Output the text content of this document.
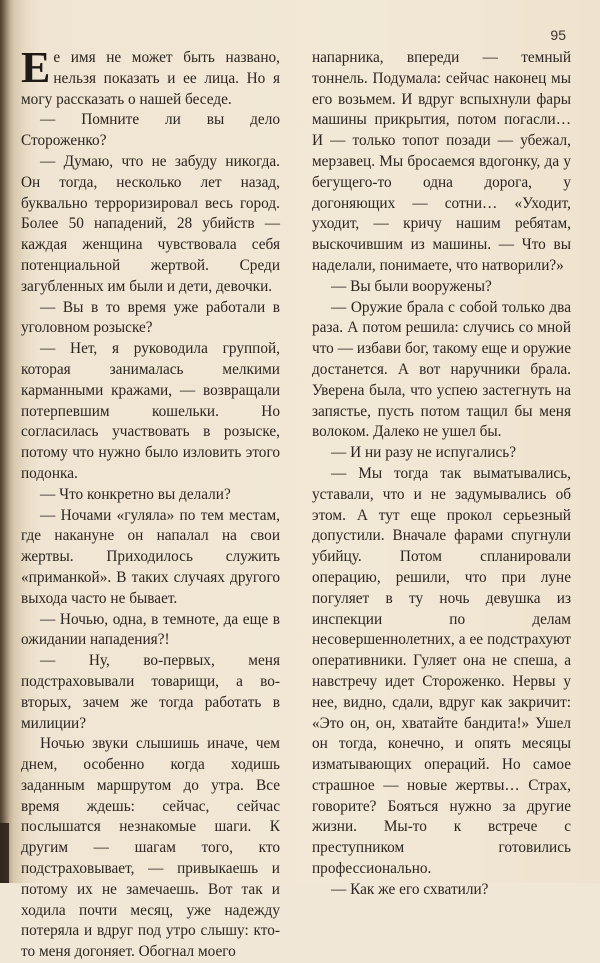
95

Ее имя не может быть названо, нельзя показать и ее лица. Но я могу рассказать о нашей беседе.

— Помните ли вы дело Стороженко?

— Думаю, что не забуду никогда. Он тогда, несколько лет назад, буквально терроризировал весь город. Более 50 нападений, 28 убийств — каждая женщина чувствовала себя потенциальной жертвой. Среди загубленных им были и дети, девочки.

— Вы в то время уже работали в уголовном розыске?

— Нет, я руководила группой, которая занималась мелкими карманными кражами, — возвращали потерпевшим кошельки. Но согласилась участвовать в розыске, потому что нужно было изловить этого подонка.

— Что конкретно вы делали?

— Ночами «гуляла» по тем местам, где накануне он напалал на свои жертвы. Приходилось служить «приманкой». В таких случаях другого выхода часто не бывает.

— Ночью, одна, в темноте, да еще в ожидании нападения?!

— Ну, во-первых, меня подстраховывали товарищи, а во-вторых, зачем же тогда работать в милиции?

Ночью звуки слышишь иначе, чем днем, особенно когда ходишь заданным маршрутом до утра. Все время ждешь: сейчас, сейчас послышатся незнакомые шаги. К другим — шагам того, кто подстраховывает, — привыкаешь и потому их не замечаешь. Вот так и ходила почти месяц, уже надежду потеряла и вдруг под утро слышу: кто-то меня догоняет. Обогнал моего

напарника, впереди — темный тоннель. Подумала: сейчас наконец мы его возьмем. И вдруг вспыхнули фары машины прикрытия, потом погасли… И — только топот позади — убежал, мерзавец. Мы бросаемся вдогонку, да у бегущего-то одна дорога, у догоняющих — сотни… «Уходит, уходит, — кричу нашим ребятам, выскочившим из машины. — Что вы наделали, понимаете, что натворили?»

— Вы были вооружены?

— Оружие брала с собой только два раза. А потом решила: случись со мной что — избави бог, такому еще и оружие достанется. А вот наручники брала. Уверена была, что успею застегнуть на запястье, пусть потом тащил бы меня волоком. Далеко не ушел бы.

— И ни разу не испугались?

— Мы тогда так выматывались, уставали, что и не задумывались об этом. А тут еще прокол серьезный допустили. Вначале фарами спугнули убийцу. Потом спланировали операцию, решили, что при луне погуляет в ту ночь девушка из инспекции по делам несовершеннолетних, а ее подстрахуют оперативники. Гуляет она не спеша, а навстречу идет Стороженко. Нервы у нее, видно, сдали, вдруг как закричит: «Это он, он, хватайте бандита!» Ушел он тогда, конечно, и опять месяцы изматывающих операций. Но самое страшное — новые жертвы… Страх, говорите? Бояться нужно за другие жизни. Мы-то к встрече с преступником готовились профессионально.

— Как же его схватили?
